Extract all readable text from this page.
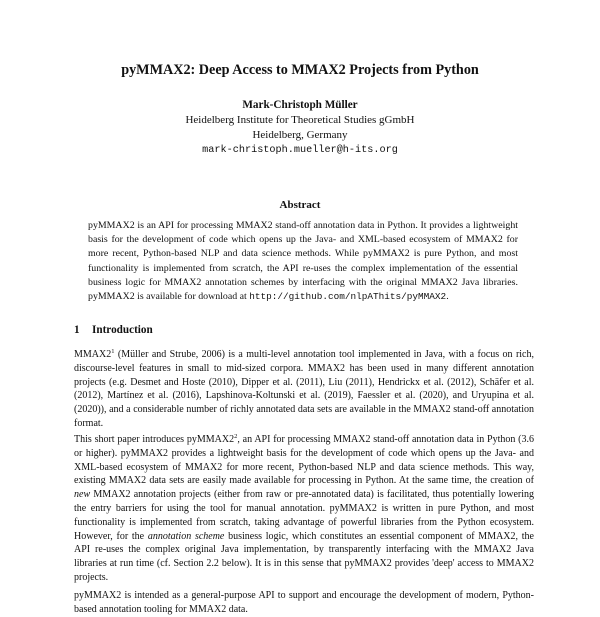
pyMMAX2: Deep Access to MMAX2 Projects from Python
Mark-Christoph Müller
Heidelberg Institute for Theoretical Studies gGmbH
Heidelberg, Germany
mark-christoph.mueller@h-its.org
Abstract
pyMMAX2 is an API for processing MMAX2 stand-off annotation data in Python. It provides a lightweight basis for the development of code which opens up the Java- and XML-based ecosystem of MMAX2 for more recent, Python-based NLP and data science methods. While pyMMAX2 is pure Python, and most functionality is implemented from scratch, the API re-uses the complex implementation of the essential business logic for MMAX2 annotation schemes by interfacing with the original MMAX2 Java libraries. pyMMAX2 is available for download at http://github.com/nlpAThits/pyMMAX2.
1 Introduction
$MMAX2^1$ (Müller and Strube, 2006) is a multi-level annotation tool implemented in Java, with a focus on rich, discourse-level features in small to mid-sized corpora. MMAX2 has been used in many different annotation projects (e.g. Desmet and Hoste (2010), Dipper et al. (2011), Liu (2011), Hendrickx et al. (2012), Schäfer et al. (2012), Martínez et al. (2016), Lapshinova-Koltunski et al. (2019), Faessler et al. (2020), and Uryupina et al. (2020)), and a considerable number of richly annotated data sets are available in the MMAX2 stand-off annotation format.
This short paper introduces $pyMMAX2^2$, an API for processing MMAX2 stand-off annotation data in Python (3.6 or higher). pyMMAX2 provides a lightweight basis for the development of code which opens up the Java- and XML-based ecosystem of MMAX2 for more recent, Python-based NLP and data science methods. This way, existing MMAX2 data sets are easily made available for processing in Python. At the same time, the creation of new MMAX2 annotation projects (either from raw or pre-annotated data) is facilitated, thus potentially lowering the entry barriers for using the tool for manual annotation. pyMMAX2 is written in pure Python, and most functionality is implemented from scratch, taking advantage of powerful libraries from the Python ecosystem. However, for the annotation scheme business logic, which constitutes an essential component of MMAX2, the API re-uses the complex original Java implementation, by transparently interfacing with the MMAX2 Java libraries at run time (cf. Section 2.2 below). It is in this sense that pyMMAX2 provides 'deep' access to MMAX2 projects.
pyMMAX2 is intended as a general-purpose API to support and encourage the development of modern, Python-based annotation tooling for MMAX2 data.
